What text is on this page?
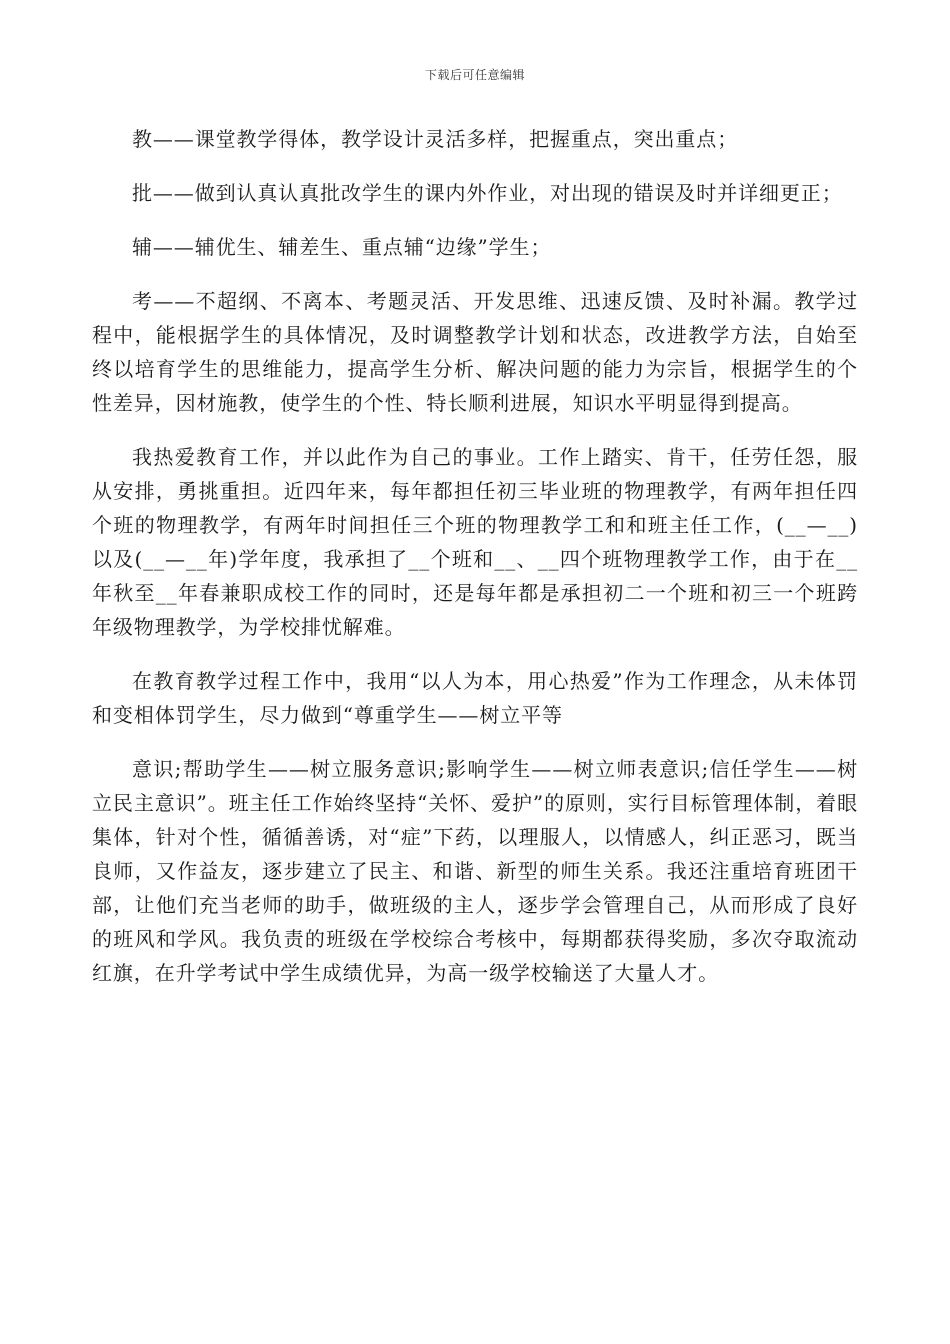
下载后可任意编辑

教——课堂教学得体，教学设计灵活多样，把握重点，突出重点；

批——做到认真认真批改学生的课内外作业，对出现的错误及时并详细更正；

辅——辅优生、辅差生、重点辅“边缘”学生；

考——不超纲、不离本、考题灵活、开发思维、迅速反馈、及时补漏。教学过程中，能根据学生的具体情况，及时调整教学计划和状态，改进教学方法，自始至终以培育学生的思维能力，提高学生分析、解决问题的能力为宗旨，根据学生的个性差异，因材施教，使学生的个性、特长顺利进展，知识水平明显得到提高。

我热爱教育工作，并以此作为自己的事业。工作上踏实、肯干，任劳任怨，服从安排，勇挑重担。近四年来，每年都担任初三毕业班的物理教学，有两年担任四个班的物理教学，有两年时间担任三个班的物理教学工和和班主任工作，(__—__)以及(__—__年)学年度，我承担了__个班和__、__四个班物理教学工作，由于在__年秋至__年春兼职成校工作的同时，还是每年都是承担初二一个班和初三一个班跨年级物理教学，为学校排忧解难。

在教育教学过程工作中，我用“以人为本，用心热爱”作为工作理念，从未体罚和变相体罚学生，尽力做到“尊重学生——树立平等

意识;帮助学生——树立服务意识;影响学生——树立师表意识;信任学生——树立民主意识”。班主任工作始终坚持“关怀、爱护”的原则，实行目标管理体制，着眼集体，针对个性，循循善诱，对“症”下药，以理服人，以情感人，纠正恶习，既当良师，又作益友，逐步建立了民主、和谐、新型的师生关系。我还注重培育班团干部，让他们充当老师的助手，做班级的主人，逐步学会管理自己，从而形成了良好的班风和学风。我负责的班级在学校综合考核中，每期都获得奖励，多次夺取流动红旗，在升学考试中学生成绩优异，为高一级学校输送了大量人才。
